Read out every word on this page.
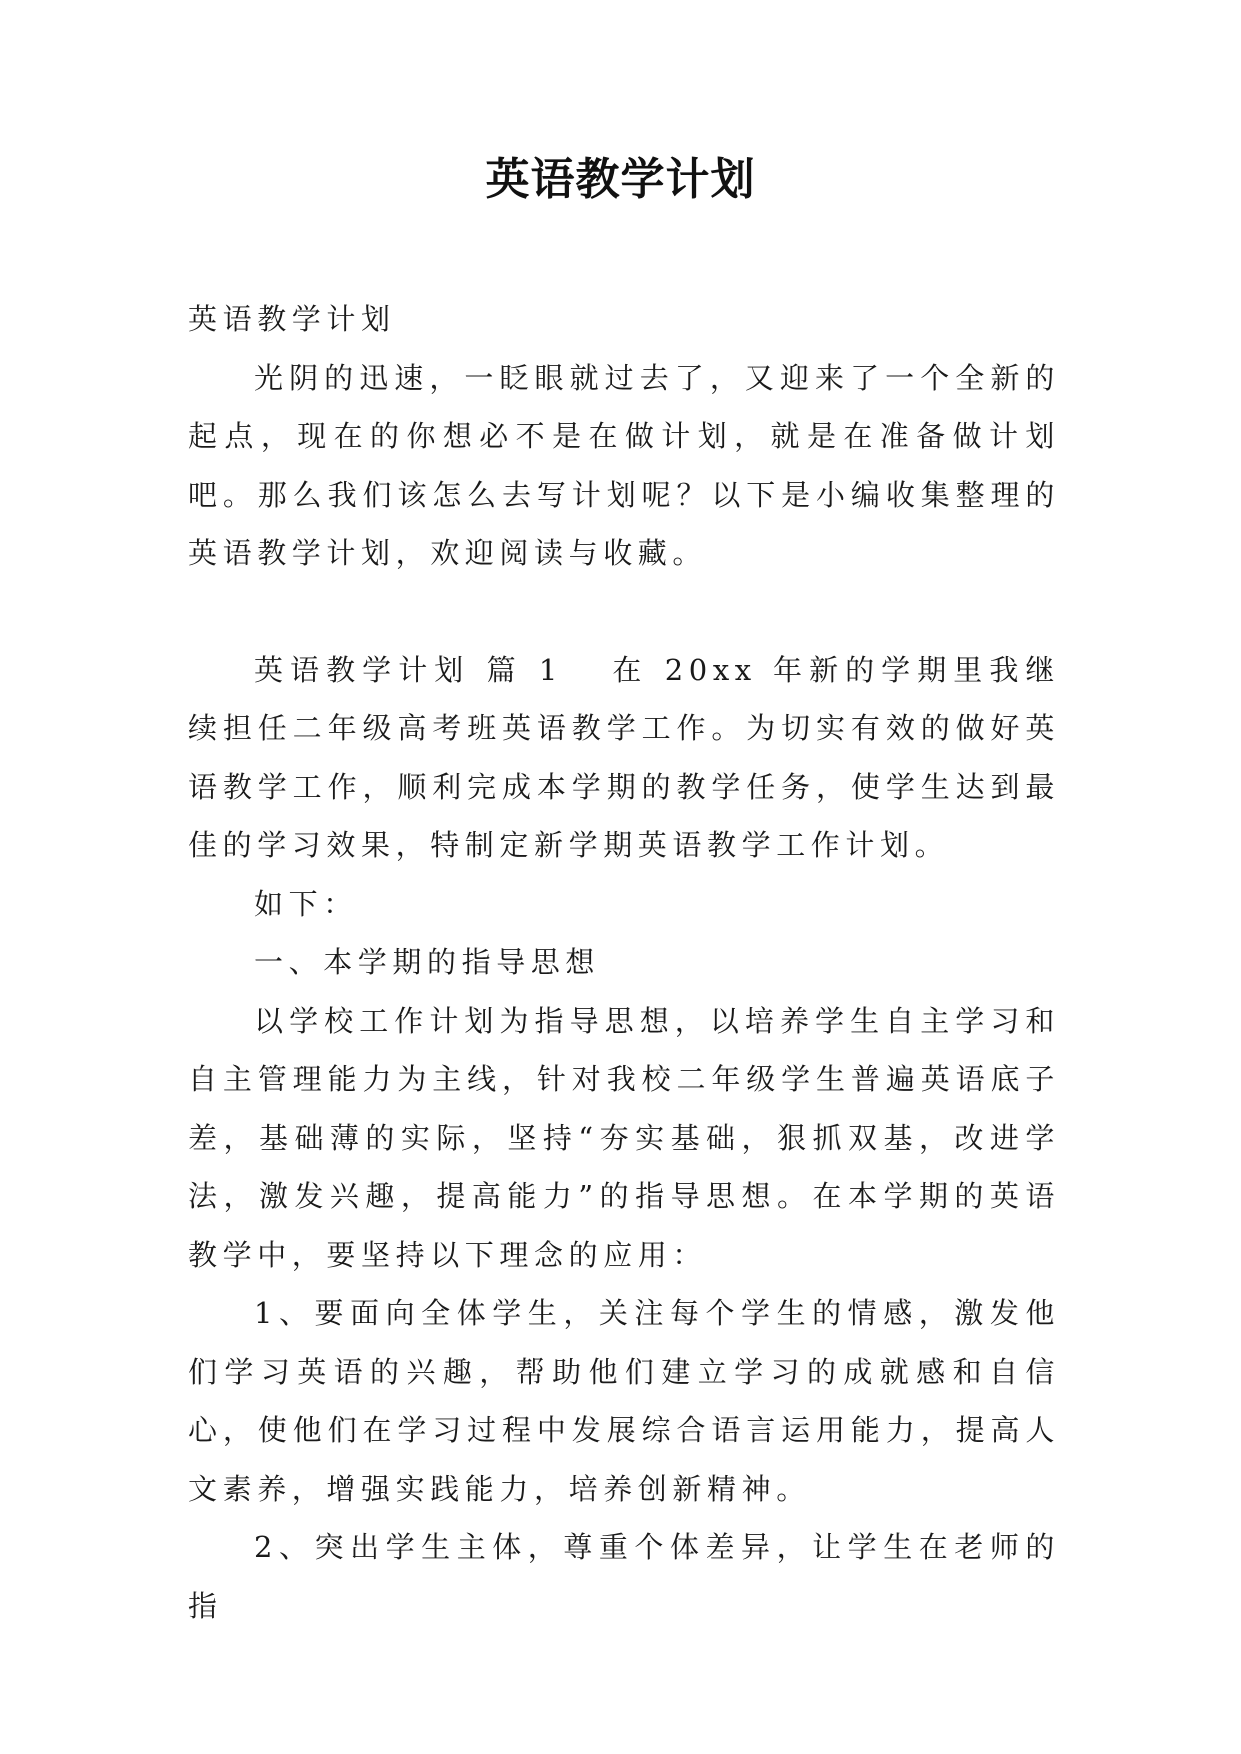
英语教学计划

英语教学计划

光阴的迅速，一眨眼就过去了，又迎来了一个全新的起点，现在的你想必不是在做计划，就是在准备做计划吧。那么我们该怎么去写计划呢？以下是小编收集整理的英语教学计划，欢迎阅读与收藏。

英语教学计划 篇 1 在 20xx 年新的学期里我继续担任二年级高考班英语教学工作。为切实有效的做好英语教学工作，顺利完成本学期的教学任务，使学生达到最佳的学习效果，特制定新学期英语教学工作计划。

如下：

一、本学期的指导思想

以学校工作计划为指导思想，以培养学生自主学习和自主管理能力为主线，针对我校二年级学生普遍英语底子差，基础薄的实际，坚持“夯实基础，狠抓双基，改进学法，激发兴趣，提高能力”的指导思想。在本学期的英语教学中，要坚持以下理念的应用：

1、要面向全体学生，关注每个学生的情感，激发他们学习英语的兴趣，帮助他们建立学习的成就感和自信心，使他们在学习过程中发展综合语言运用能力，提高人文素养，增强实践能力，培养创新精神。

2、突出学生主体，尊重个体差异，让学生在老师的指
